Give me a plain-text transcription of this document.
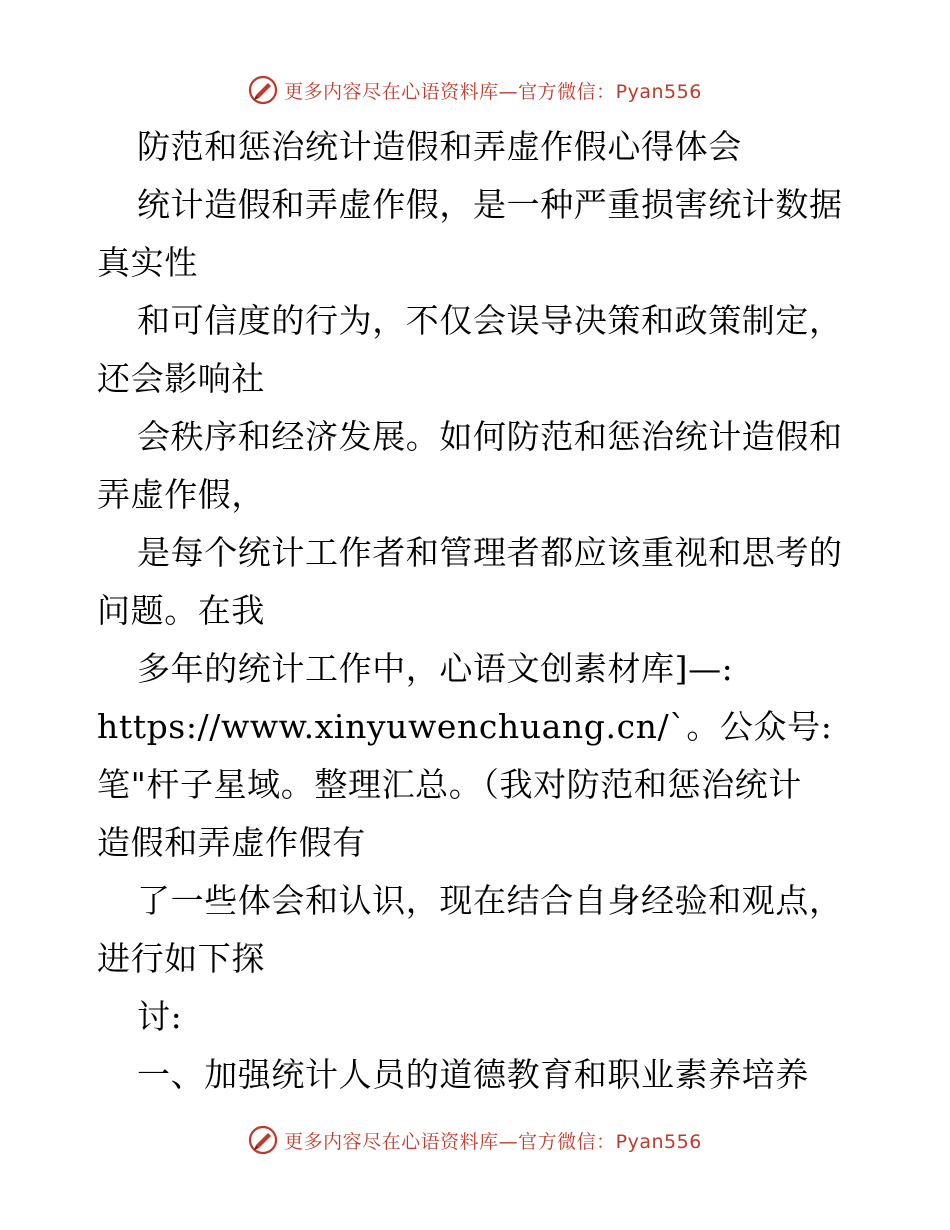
更多内容尽在心语资料库—官方微信：Pyan556
防范和惩治统计造假和弄虚作假心得体会
统计造假和弄虚作假，是一种严重损害统计数据
真实性
和可信度的行为，不仅会误导决策和政策制定，
还会影响社
会秩序和经济发展。如何防范和惩治统计造假和
弄虚作假，
是每个统计工作者和管理者都应该重视和思考的
问题。在我
多年的统计工作中，心语文创素材库]—:
https://www.xinyuwenchuang.cn/`。公众号:
笔"杆子星域。整理汇总。（我对防范和惩治统计
造假和弄虚作假有
了一些体会和认识，现在结合自身经验和观点，
进行如下探
讨:
一、加强统计人员的道德教育和职业素养培养
更多内容尽在心语资料库—官方微信：Pyan556
